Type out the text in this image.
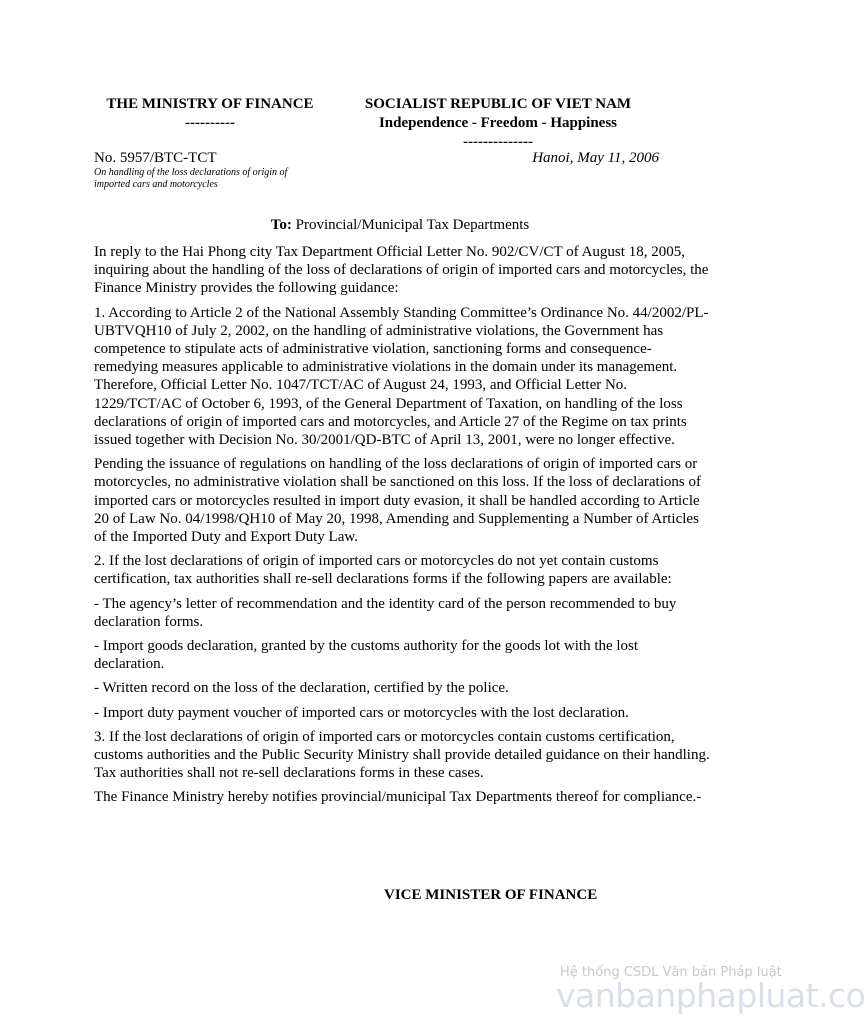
THE MINISTRY OF FINANCE
----------
SOCIALIST REPUBLIC OF VIET NAM
Independence - Freedom - Happiness
--------------
No. 5957/BTC-TCT
On handling of the loss declarations of origin of imported cars and motorcycles
Hanoi, May 11, 2006
To: Provincial/Municipal Tax Departments

In reply to the Hai Phong city Tax Department Official Letter No. 902/CV/CT of August 18, 2005, inquiring about the handling of the loss of declarations of origin of imported cars and motorcycles, the Finance Ministry provides the following guidance:

1. According to Article 2 of the National Assembly Standing Committee’s Ordinance No. 44/2002/PL-UBTVQH10 of July 2, 2002, on the handling of administrative violations, the Government has competence to stipulate acts of administrative violation, sanctioning forms and consequence-remedying measures applicable to administrative violations in the domain under its management. Therefore, Official Letter No. 1047/TCT/AC of August 24, 1993, and Official Letter No. 1229/TCT/AC of October 6, 1993, of the General Department of Taxation, on handling of the loss declarations of origin of imported cars and motorcycles, and Article 27 of the Regime on tax prints issued together with Decision No. 30/2001/QD-BTC of April 13, 2001, were no longer effective.

Pending the issuance of regulations on handling of the loss declarations of origin of imported cars or motorcycles, no administrative violation shall be sanctioned on this loss. If the loss of declarations of imported cars or motorcycles resulted in import duty evasion, it shall be handled according to Article 20 of Law No. 04/1998/QH10 of May 20, 1998, Amending and Supplementing a Number of Articles of the Imported Duty and Export Duty Law.

2. If the lost declarations of origin of imported cars or motorcycles do not yet contain customs certification, tax authorities shall re-sell declarations forms if the following papers are available:

- The agency’s letter of recommendation and the identity card of the person recommended to buy declaration forms.

- Import goods declaration, granted by the customs authority for the goods lot with the lost declaration.

- Written record on the loss of the declaration, certified by the police.

- Import duty payment voucher of imported cars or motorcycles with the lost declaration.

3. If the lost declarations of origin of imported cars or motorcycles contain customs certification, customs authorities and the Public Security Ministry shall provide detailed guidance on their handling. Tax authorities shall not re-sell declarations forms in these cases.

The Finance Ministry hereby notifies provincial/municipal Tax Departments thereof for compliance.-

VICE MINISTER OF FINANCE
Hệ thống CSDL Văn bản Pháp luật
vanbanphapluat.co
